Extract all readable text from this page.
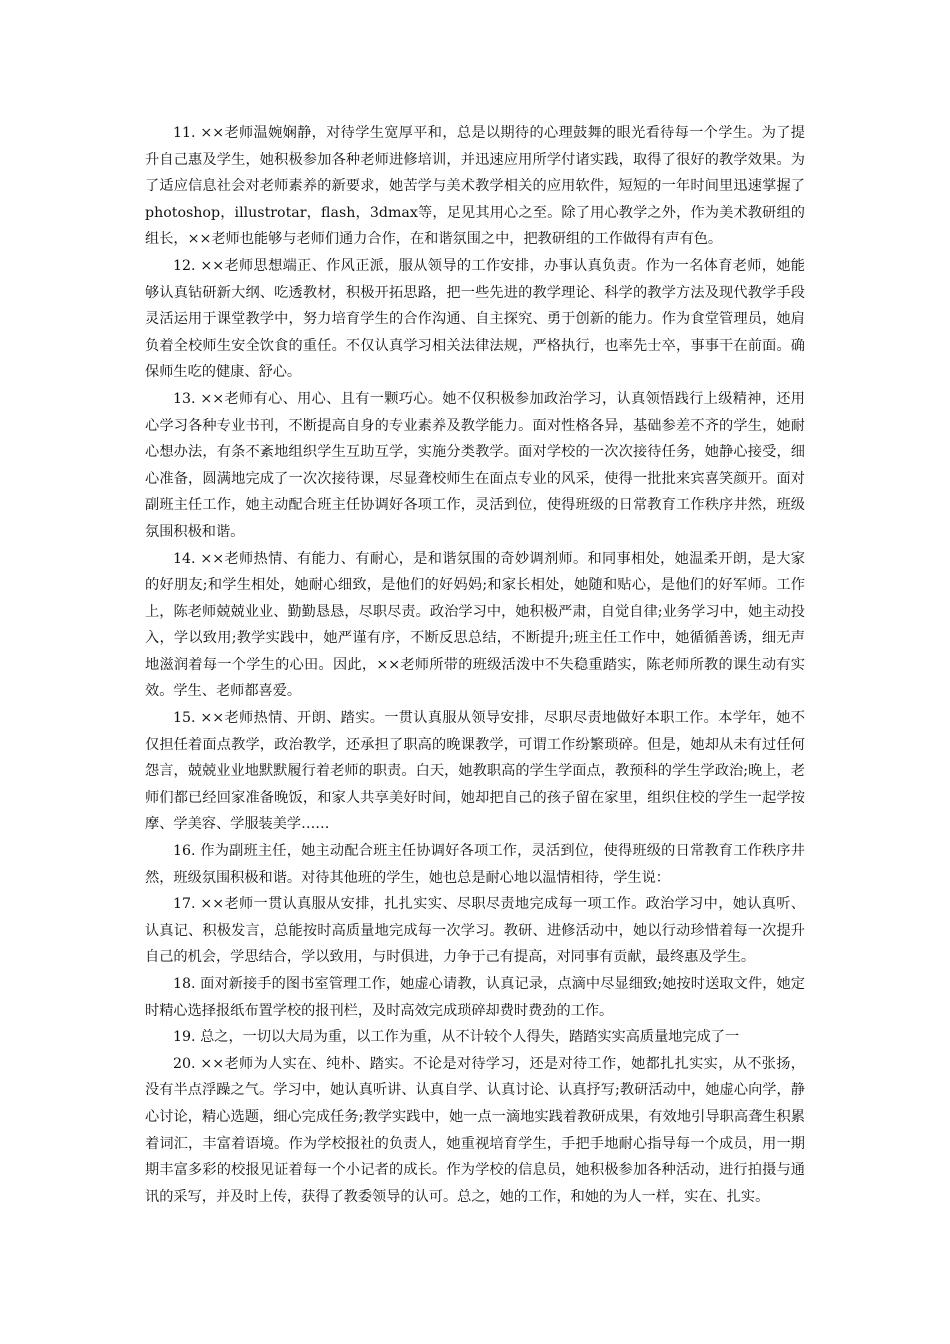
11. ××老师温婉娴静，对待学生宽厚平和，总是以期待的心理鼓舞的眼光看待每一个学生。为了提升自己惠及学生，她积极参加各种老师进修培训，并迅速应用所学付诸实践，取得了很好的教学效果。为了适应信息社会对老师素养的新要求，她苦学与美术教学相关的应用软件，短短的一年时间里迅速掌握了photoshop，illustrotar，flash，3dmax等，足见其用心之至。除了用心教学之外，作为美术教研组的组长，××老师也能够与老师们通力合作，在和谐氛围之中，把教研组的工作做得有声有色。

12. ××老师思想端正、作风正派，服从领导的工作安排，办事认真负责。作为一名体育老师，她能够认真钻研新大纲、吃透教材，积极开拓思路，把一些先进的教学理论、科学的教学方法及现代教学手段灵活运用于课堂教学中，努力培育学生的合作沟通、自主探究、勇于创新的能力。作为食堂管理员，她肩负着全校师生安全饮食的重任。不仅认真学习相关法律法规，严格执行，也率先士卒，事事干在前面。确保师生吃的健康、舒心。

13. ××老师有心、用心、且有一颗巧心。她不仅积极参加政治学习，认真领悟践行上级精神，还用心学习各种专业书刊，不断提高自身的专业素养及教学能力。面对性格各异，基础参差不齐的学生，她耐心想办法，有条不紊地组织学生互助互学，实施分类教学。面对学校的一次次接待任务，她静心接受，细心准备，圆满地完成了一次次接待课，尽显聋校师生在面点专业的风采，使得一批批来宾喜笑颜开。面对副班主任工作，她主动配合班主任协调好各项工作，灵活到位，使得班级的日常教育工作秩序井然，班级氛围积极和谐。

14. ××老师热情、有能力、有耐心，是和谐氛围的奇妙调剂师。和同事相处，她温柔开朗，是大家的好朋友;和学生相处，她耐心细致，是他们的好妈妈;和家长相处，她随和贴心，是他们的好军师。工作上，陈老师兢兢业业、勤勤恳恳，尽职尽责。政治学习中，她积极严肃，自觉自律;业务学习中，她主动投入，学以致用;教学实践中，她严谨有序，不断反思总结，不断提升;班主任工作中，她循循善诱，细无声地滋润着每一个学生的心田。因此，××老师所带的班级活泼中不失稳重踏实，陈老师所教的课生动有实效。学生、老师都喜爱。

15. ××老师热情、开朗、踏实。一贯认真服从领导安排，尽职尽责地做好本职工作。本学年，她不仅担任着面点教学，政治教学，还承担了职高的晚课教学，可谓工作纷繁琐碎。但是，她却从未有过任何怨言，兢兢业业地默默履行着老师的职责。白天，她教职高的学生学面点，教预科的学生学政治;晚上，老师们都已经回家准备晚饭，和家人共享美好时间，她却把自己的孩子留在家里，组织住校的学生一起学按摩、学美容、学服装美学……

16. 作为副班主任，她主动配合班主任协调好各项工作，灵活到位，使得班级的日常教育工作秩序井然，班级氛围积极和谐。对待其他班的学生，她也总是耐心地以温情相待，学生说：

17. ××老师一贯认真服从安排，扎扎实实、尽职尽责地完成每一项工作。政治学习中，她认真听、认真记、积极发言，总能按时高质量地完成每一次学习。教研、进修活动中，她以行动珍惜着每一次提升自己的机会，学思结合，学以致用，与时俱进，力争于己有提高，对同事有贡献，最终惠及学生。

18. 面对新接手的图书室管理工作，她虚心请教，认真记录，点滴中尽显细致;她按时送取文件，她定时精心选择报纸布置学校的报刊栏，及时高效完成琐碎却费时费劲的工作。

19. 总之，一切以大局为重，以工作为重，从不计较个人得失，踏踏实实高质量地完成了一

20. ××老师为人实在、纯朴、踏实。不论是对待学习，还是对待工作，她都扎扎实实，从不张扬，没有半点浮躁之气。学习中，她认真听讲、认真自学、认真讨论、认真抒写;教研活动中，她虚心向学，静心讨论，精心选题，细心完成任务;教学实践中，她一点一滴地实践着教研成果，有效地引导职高聋生积累着词汇，丰富着语境。作为学校报社的负责人，她重视培育学生，手把手地耐心指导每一个成员，用一期期丰富多彩的校报见证着每一个小记者的成长。作为学校的信息员，她积极参加各种活动，进行拍摄与通讯的采写，并及时上传，获得了教委领导的认可。总之，她的工作，和她的为人一样，实在、扎实。
